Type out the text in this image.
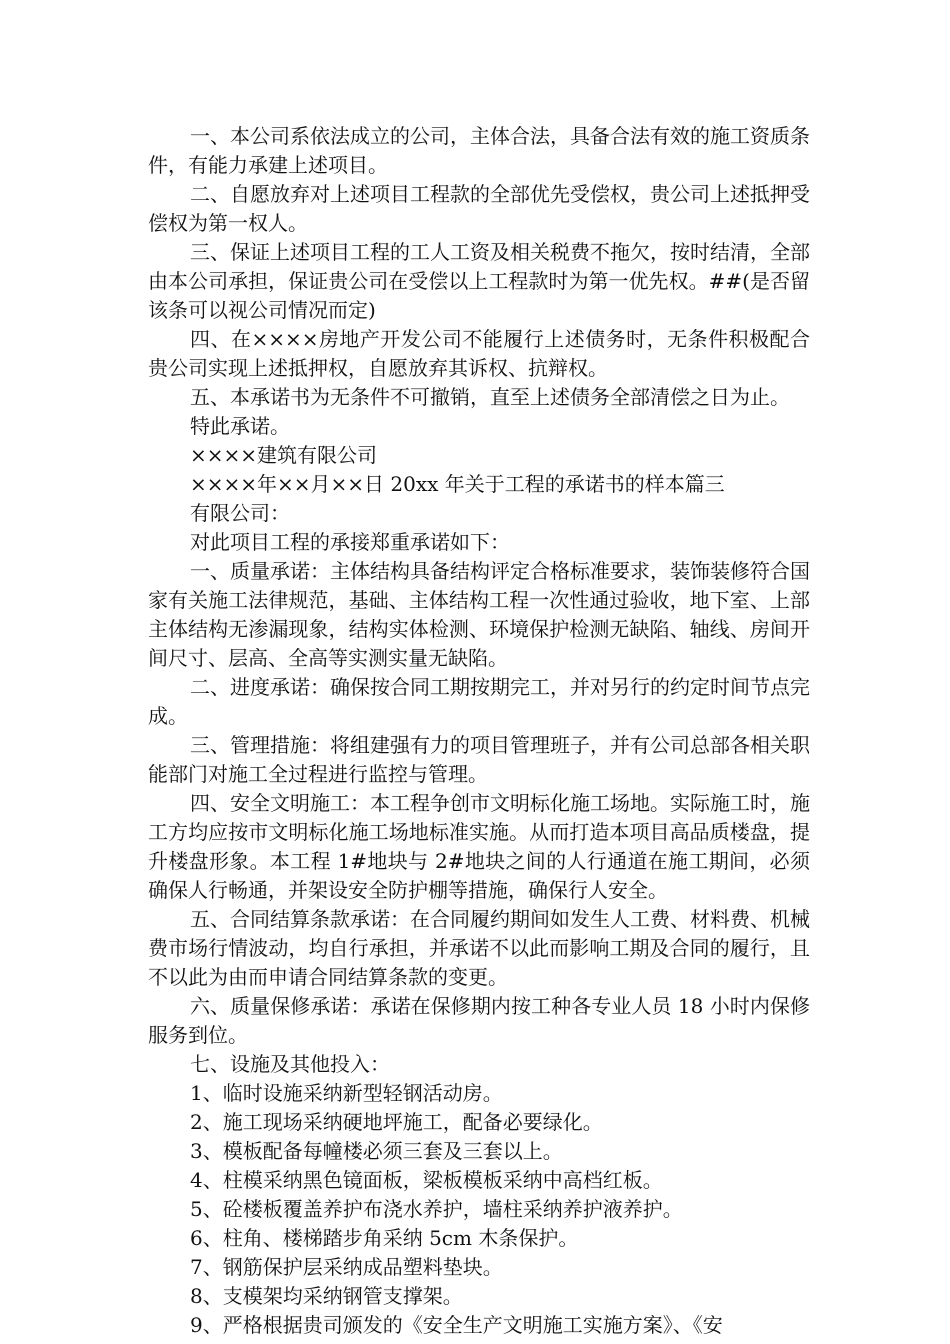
一、本公司系依法成立的公司，主体合法，具备合法有效的施工资质条件，有能力承建上述项目。

二、自愿放弃对上述项目工程款的全部优先受偿权，贵公司上述抵押受偿权为第一权人。

三、保证上述项目工程的工人工资及相关税费不拖欠，按时结清，全部由本公司承担，保证贵公司在受偿以上工程款时为第一优先权。##(是否留该条可以视公司情况而定)

四、在××××房地产开发公司不能履行上述债务时，无条件积极配合贵公司实现上述抵押权，自愿放弃其诉权、抗辩权。

五、本承诺书为无条件不可撤销，直至上述债务全部清偿之日为止。

特此承诺。

××××建筑有限公司

××××年××月××日 20xx 年关于工程的承诺书的样本篇三

有限公司：

对此项目工程的承接郑重承诺如下：

一、质量承诺：主体结构具备结构评定合格标准要求，装饰装修符合国家有关施工法律规范，基础、主体结构工程一次性通过验收，地下室、上部主体结构无渗漏现象，结构实体检测、环境保护检测无缺陷、轴线、房间开间尺寸、层高、全高等实测实量无缺陷。

二、进度承诺：确保按合同工期按期完工，并对另行的约定时间节点完成。

三、管理措施：将组建强有力的项目管理班子，并有公司总部各相关职能部门对施工全过程进行监控与管理。

四、安全文明施工：本工程争创市文明标化施工场地。实际施工时，施工方均应按市文明标化施工场地标准实施。从而打造本项目高品质楼盘，提升楼盘形象。本工程 1#地块与 2#地块之间的人行通道在施工期间，必须确保人行畅通，并架设安全防护棚等措施，确保行人安全。

五、合同结算条款承诺：在合同履约期间如发生人工费、材料费、机械费市场行情波动，均自行承担，并承诺不以此而影响工期及合同的履行，且不以此为由而申请合同结算条款的变更。

六、质量保修承诺：承诺在保修期内按工种各专业人员 18 小时内保修服务到位。

七、设施及其他投入：

1、临时设施采纳新型轻钢活动房。

2、施工现场采纳硬地坪施工，配备必要绿化。

3、模板配备每幢楼必须三套及三套以上。

4、柱模采纳黑色镜面板，梁板模板采纳中高档红板。

5、砼楼板覆盖养护布浇水养护，墙柱采纳养护液养护。

6、柱角、楼梯踏步角采纳 5cm 木条保护。

7、钢筋保护层采纳成品塑料垫块。

8、支模架均采纳钢管支撑架。

9、严格根据贵司颁发的《安全生产文明施工实施方案》、《安
